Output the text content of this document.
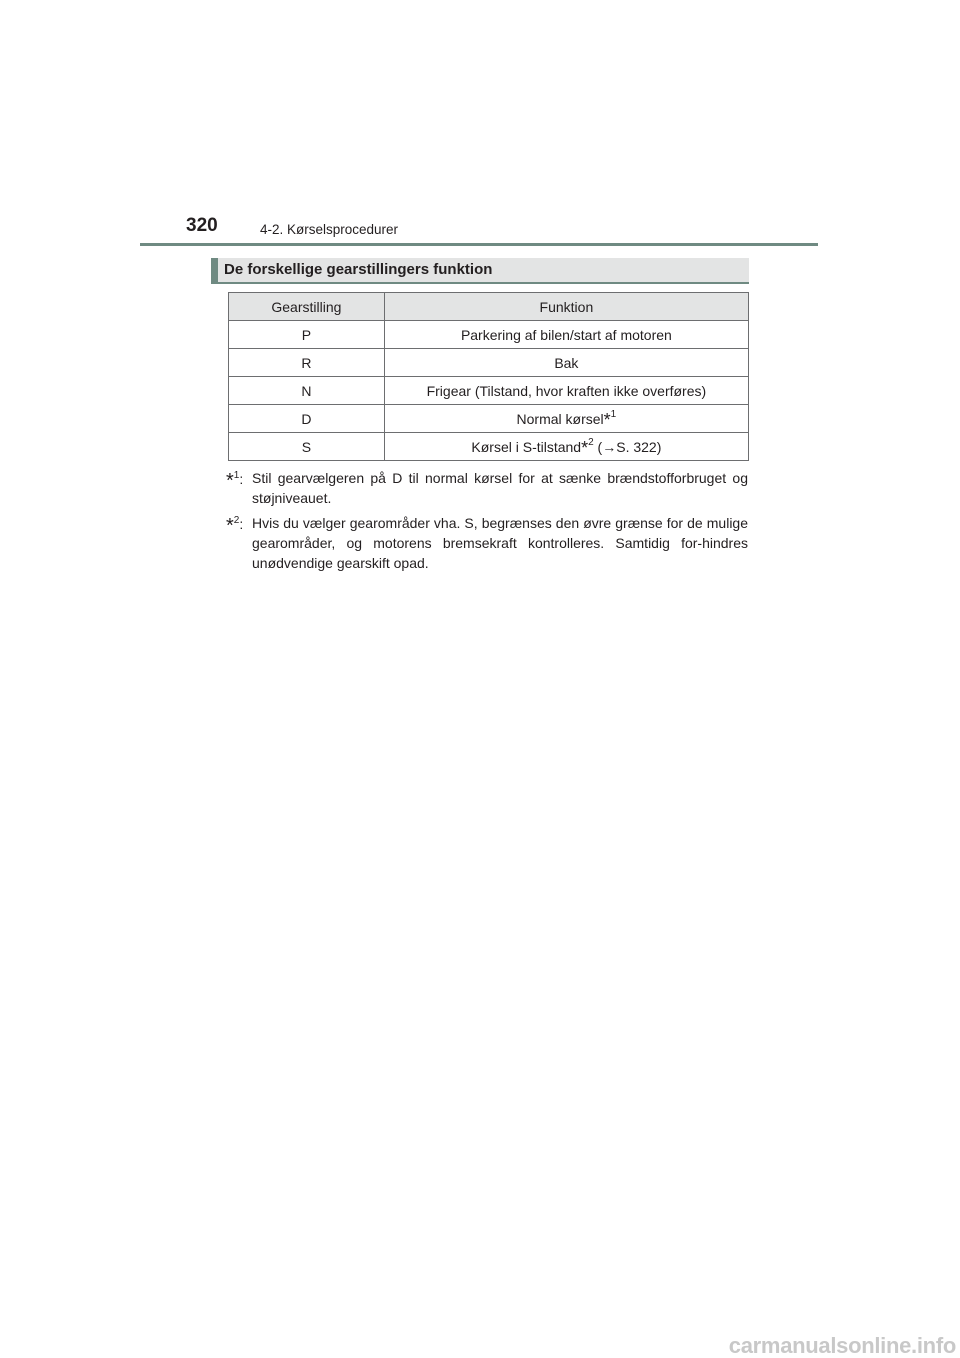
320	4-2. Kørselsprocedurer
De forskellige gearstillingers funktion
Gearstilling	Funktion
P	Parkering af bilen/start af motoren
R	Bak
N	Frigear (Tilstand, hvor kraften ikke overføres)
D	Normal kørsel*$^1$
S	Kørsel i S-tilstand*$^2$ (→S. 322)
*$^1$: Stil gearvælgeren på D til normal kørsel for at sænke brændstofforbruget og støjniveauet.
*$^2$: Hvis du vælger gearområder vha. S, begrænses den øvre grænse for de mulige gearområder, og motorens bremsekraft kontrolleres. Samtidig for-hindres unødvendige gearskift opad.
carmanualsonline.info
